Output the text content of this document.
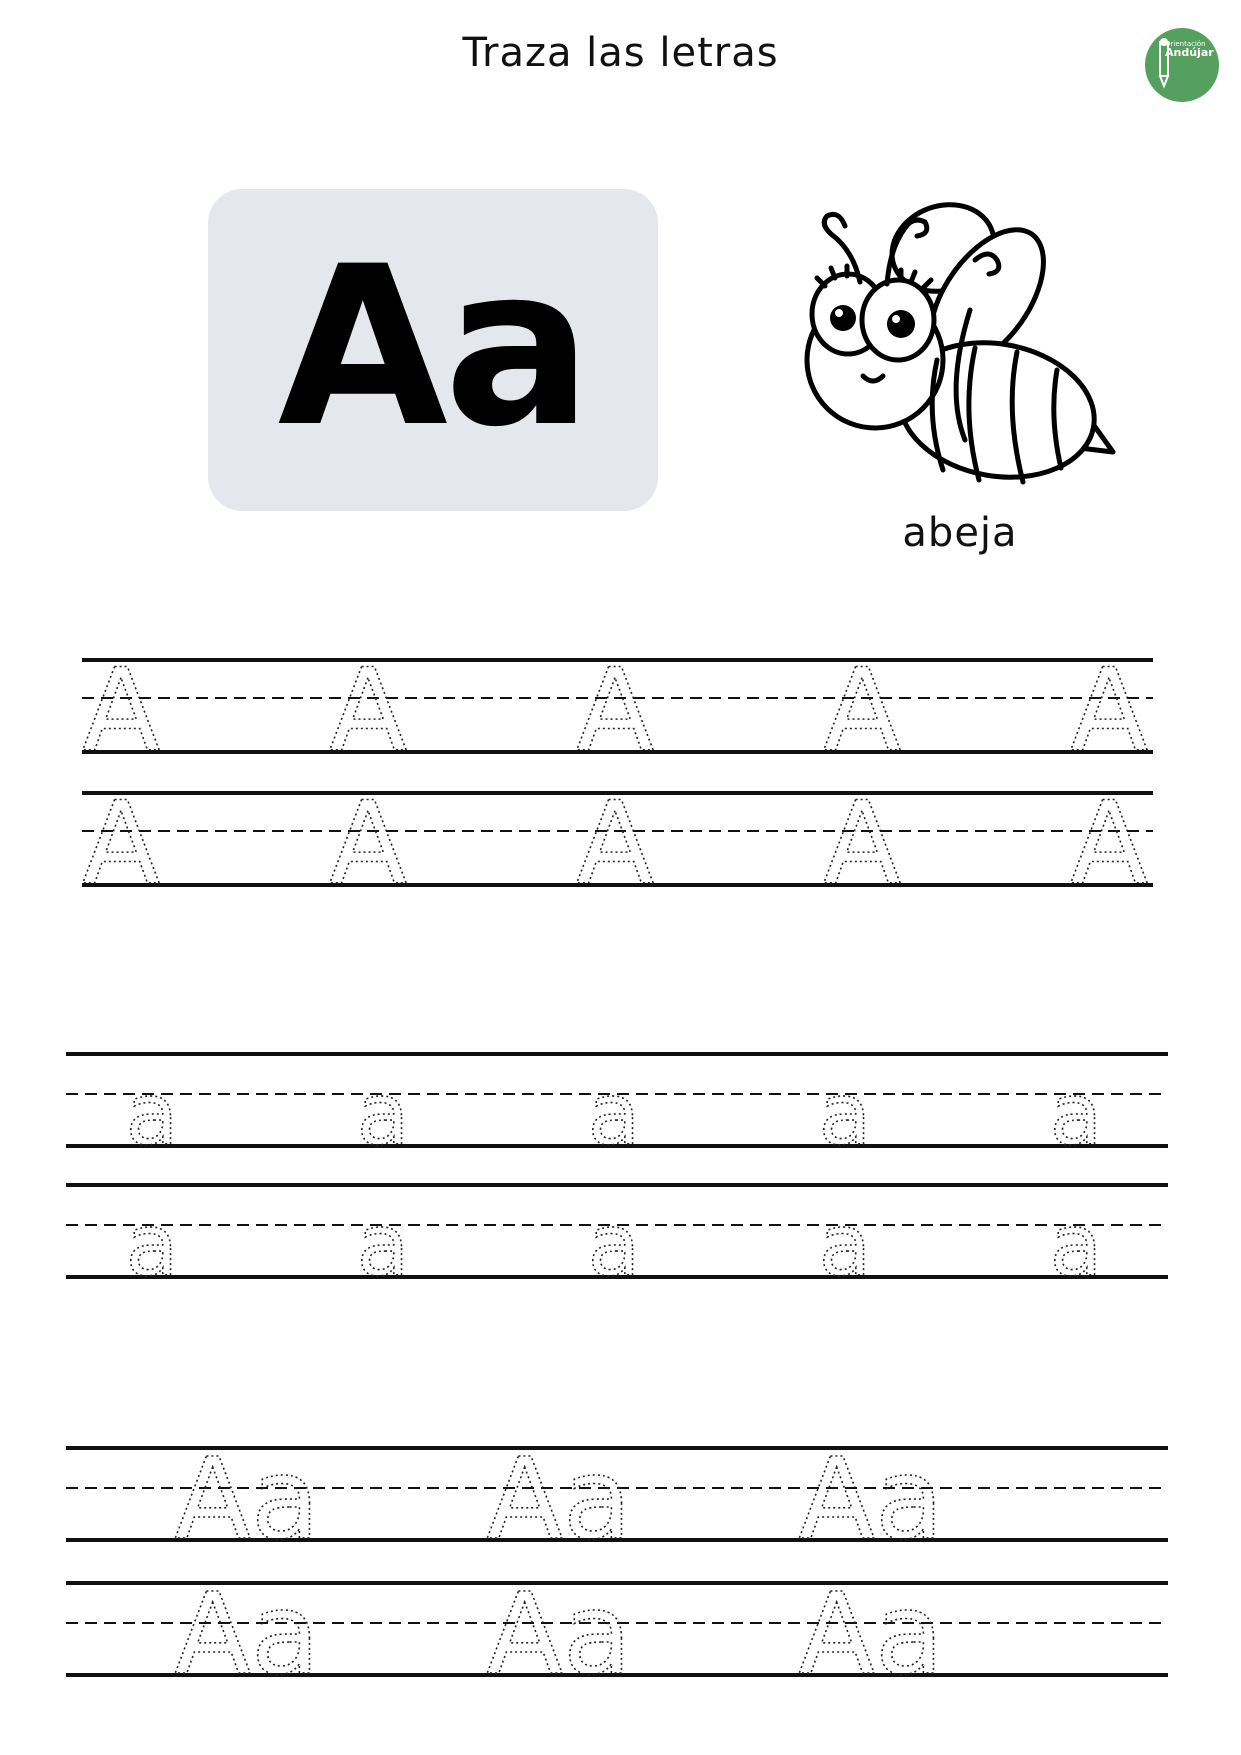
Traza las letras	Orientación
Andújar
Aa
abeja
A A A A A
A A A A A
a a a a a
a a a a a
Aa Aa Aa
Aa Aa Aa
